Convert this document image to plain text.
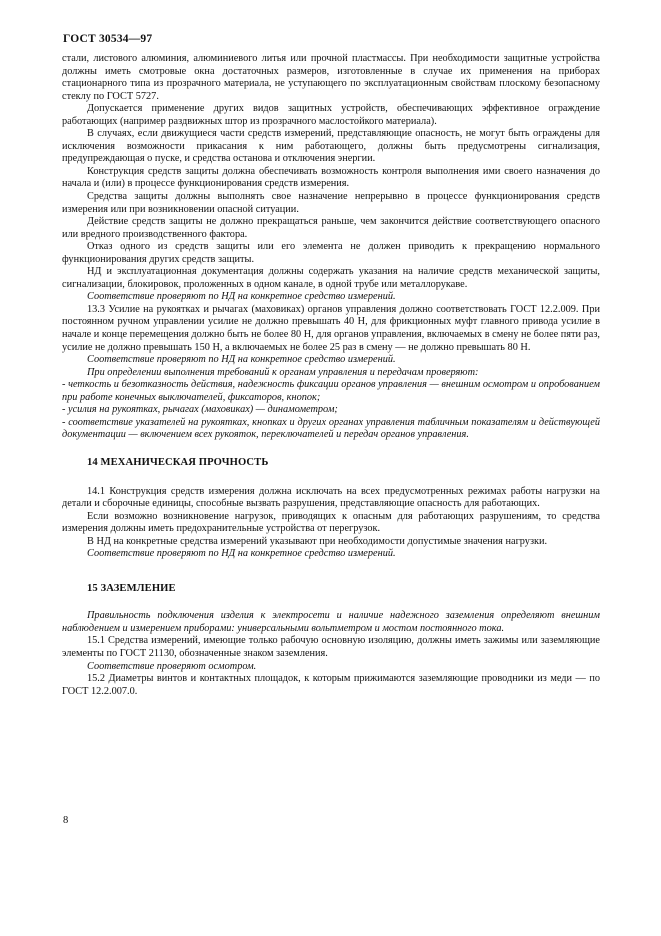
ГОСТ 30534—97

стали, листового алюминия, алюминиевого литья или прочной пластмассы. При необходимости защитные устройства должны иметь смотровые окна достаточных размеров, изготовленные в случае их применения на приборах стационарного типа из прозрачного материала, не уступающего по эксплуатационным свойствам плоскому безопасному стеклу по ГОСТ 5727.

Допускается применение других видов защитных устройств, обеспечивающих эффективное ограждение работающих (например раздвижных штор из прозрачного маслостойкого материала).

В случаях, если движущиеся части средств измерений, представляющие опасность, не могут быть ограждены для исключения возможности прикасания к ним работающего, должны быть предусмотрены сигнализация, предупреждающая о пуске, и средства останова и отключения энергии.

Конструкция средств защиты должна обеспечивать возможность контроля выполнения ими своего назначения до начала и (или) в процессе функционирования средств измерения.

Средства защиты должны выполнять свое назначение непрерывно в процессе функционирования средств измерения или при возникновении опасной ситуации.

Действие средств защиты не должно прекращаться раньше, чем закончится действие соответствующего опасного или вредного производственного фактора.

Отказ одного из средств защиты или его элемента не должен приводить к прекращению нормального функционирования других средств защиты.

НД и эксплуатационная документация должны содержать указания на наличие средств механической защиты, сигнализации, блокировок, проложенных в одном канале, в одной трубе или металлорукаве.

Соответствие проверяют по НД на конкретное средство измерений.

13.3 Усилие на рукоятках и рычагах (маховиках) органов управления должно соответствовать ГОСТ 12.2.009. При постоянном ручном управлении усилие не должно превышать 40 Н, для фрикционных муфт главного привода усилие в начале и конце перемещения должно быть не более 80 Н, для органов управления, включаемых в смену не более пяти раз, усилие не должно превышать 150 Н, а включаемых не более 25 раз в смену — не должно превышать 80 Н.

Соответствие проверяют по НД на конкретное средство измерений.

При определении выполнения требований к органам управления и передачам проверяют:

- четкость и безотказность действия, надежность фиксации органов управления — внешним осмотром и опробованием при работе конечных выключателей, фиксаторов, кнопок;

- усилия на рукоятках, рычагах (маховиках) — динамометром;

- соответствие указателей на рукоятках, кнопках и других органах управления табличным показателям и действующей документации — включением всех рукояток, переключателей и передач органов управления.

14 МЕХАНИЧЕСКАЯ ПРОЧНОСТЬ

14.1 Конструкция средств измерения должна исключать на всех предусмотренных режимах работы нагрузки на детали и сборочные единицы, способные вызвать разрушения, представляющие опасность для работающих.

Если возможно возникновение нагрузок, приводящих к опасным для работающих разрушениям, то средства измерения должны иметь предохранительные устройства от перегрузок.

В НД на конкретные средства измерений указывают при необходимости допустимые значения нагрузки.

Соответствие проверяют по НД на конкретное средство измерений.

15 ЗАЗЕМЛЕНИЕ

Правильность подключения изделия к электросети и наличие надежного заземления определяют внешним наблюдением и измерением приборами: универсальными вольтметром и мостом постоянного тока.

15.1 Средства измерений, имеющие только рабочую основную изоляцию, должны иметь зажимы или заземляющие элементы по ГОСТ 21130, обозначенные знаком заземления.

Соответствие проверяют осмотром.

15.2 Диаметры винтов и контактных площадок, к которым прижимаются заземляющие проводники из меди — по ГОСТ 12.2.007.0.

8
